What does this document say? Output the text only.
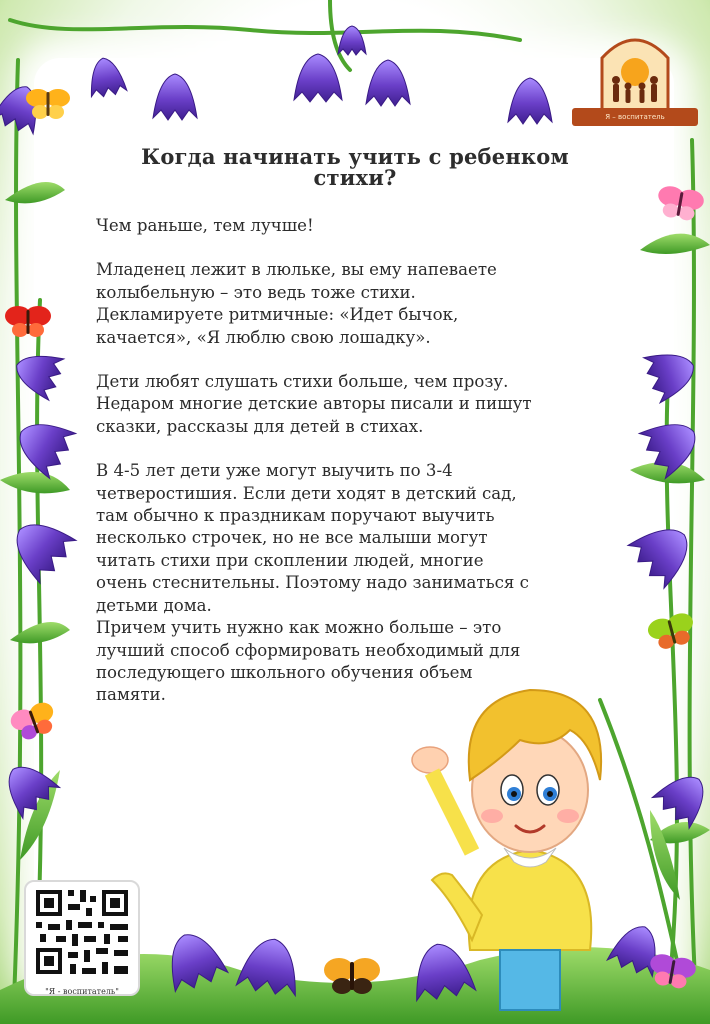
Я – воспитатель
Когда начинать учить с ребенком
стихи?
Чем раньше, тем лучше!
Младенец лежит в люльке, вы ему напеваете
колыбельную – это ведь тоже стихи.
Декламируете ритмичные: «Идет бычок,
качается», «Я люблю свою лошадку».
Дети любят слушать стихи больше, чем прозу.
Недаром многие детские авторы писали и пишут
сказки, рассказы для детей в стихах.
В 4-5 лет дети уже могут выучить по 3-4
четверостишия. Если дети ходят в детский сад,
там обычно к праздникам поручают выучить
несколько строчек, но не все малыши могут
читать стихи при скоплении людей, многие
очень стеснительны. Поэтому надо заниматься с
детьми дома.
Причем учить нужно как можно больше – это
лучший способ сформировать необходимый для
последующего школьного обучения объем
памяти.
"Я - воспитатель"
